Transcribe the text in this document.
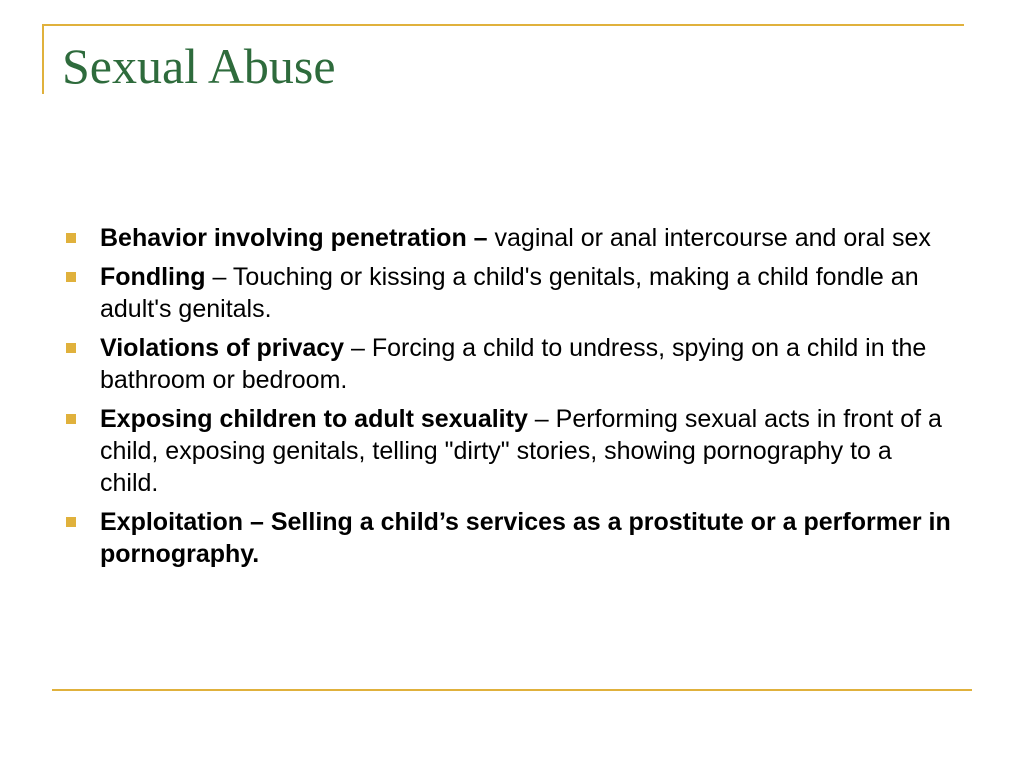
Sexual Abuse
Behavior involving penetration – vaginal or anal intercourse and oral sex
Fondling – Touching or kissing a child's genitals, making a child fondle an adult's genitals.
Violations of privacy – Forcing a child to undress, spying on a child in the bathroom or bedroom.
Exposing children to adult sexuality – Performing sexual acts in front of a child, exposing genitals, telling "dirty" stories, showing pornography to a child.
Exploitation – Selling a child’s services as a prostitute or a performer in pornography.
